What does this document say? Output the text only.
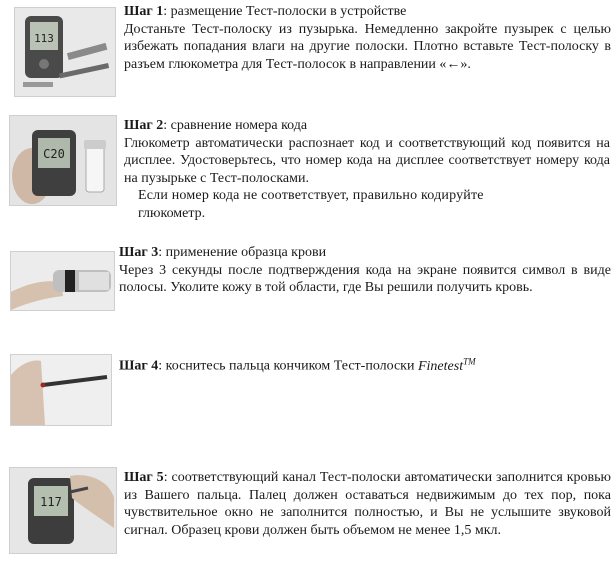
113

Шаг 1: размещение Тест-полоски в устройстве

Достаньте Тест-полоску из пузырька. Немедленно закройте пузырек с целью избежать попадания влаги на другие полоски. Плотно вставьте Тест-полоску в разъем глюкометра для Тест-полосок в направлении «←».

C20

Шаг 2: сравнение номера кода

Глюкометр автоматически распознает код и соответствующий код появится на дисплее. Удостоверьтесь, что номер кода на дисплее соответствует номеру кода на пузырьке с Тест-полосками.

Если номер кода не соответствует, правильно кодируйте

глюкометр.

Шаг 3: применение образца крови

Через 3 секунды после подтверждения кода на экране появится символ в виде полосы. Уколите кожу в той области, где Вы решили получить кровь.

Шаг 4: коснитесь пальца кончиком Тест-полоски Finetest™

117

Шаг 5: соответствующий канал Тест-полоски автоматически заполнится кровью из Вашего пальца. Палец должен оставаться недвижимым до тех пор, пока чувствительное окно не заполнится полностью, и Вы не услышите звуковой сигнал. Образец крови должен быть объемом не менее 1,5 мкл.
